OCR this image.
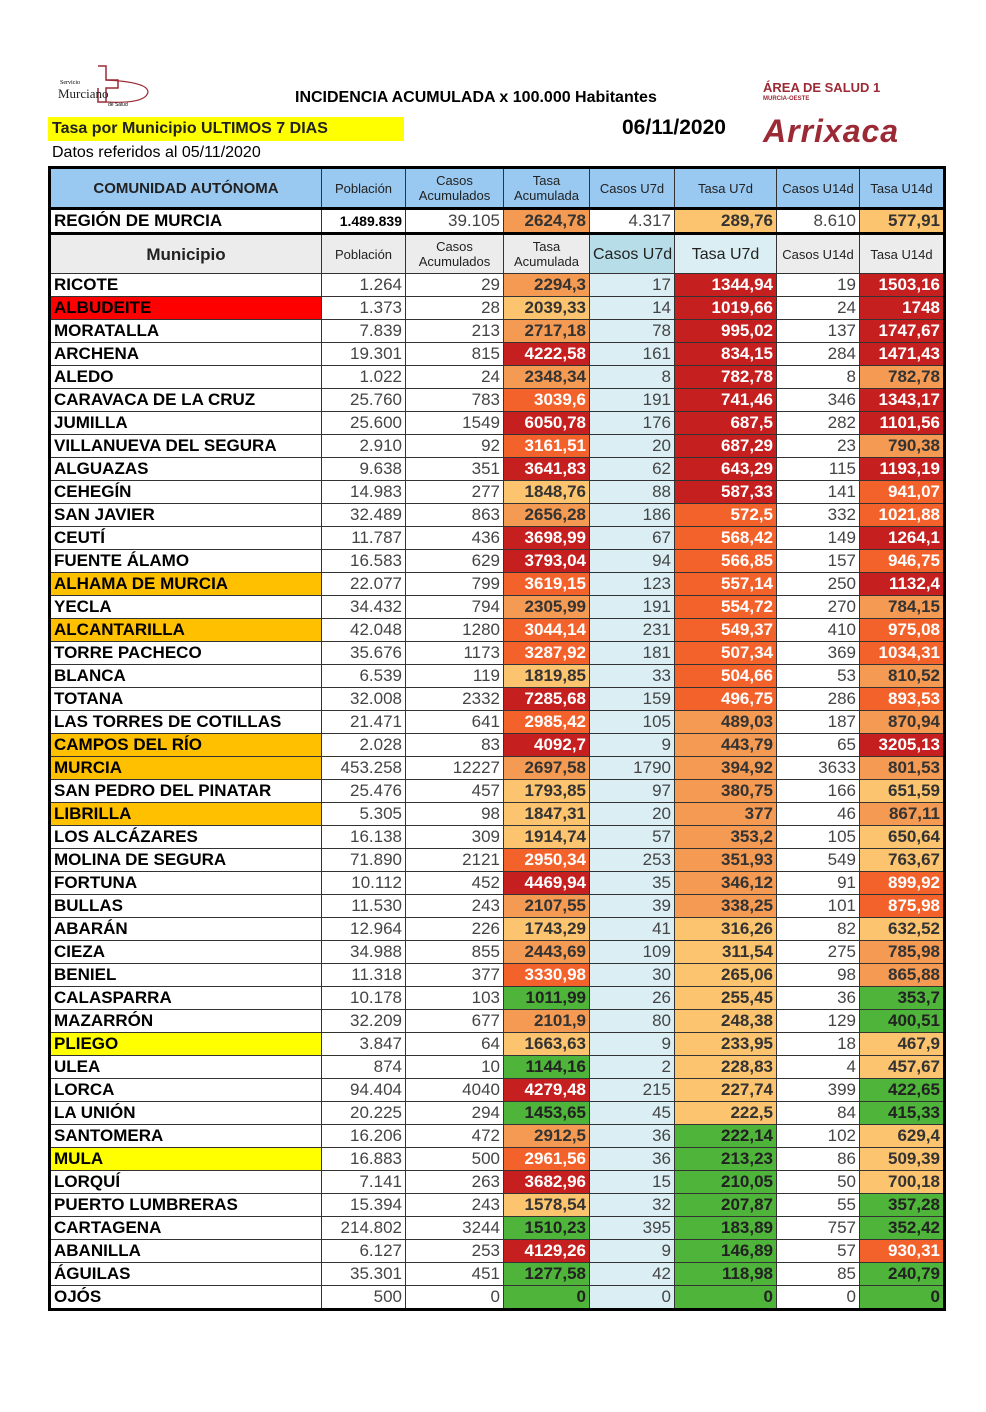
Servicio
Murciano
de Salud	INCIDENCIA ACUMULADA x 100.000 Habitantes
ÁREA DE SALUD 1
MURCIA-OESTE
Tasa por Municipio ULTIMOS 7 DIAS	06/11/2020 Arrixaca
Datos referidos al 05/11/2020
COMUNIDAD AUTÓNOMA	Población	Casos Acumulados	Tasa Acumulada	Casos U7d	Tasa U7d	Casos U14d	Tasa U14d
REGIÓN DE MURCIA	1.489.839	39.105	2624,78	4.317	289,76	8.610	577,91
Municipio	Población	Casos Acumulados	Tasa Acumulada	Casos U7d	Tasa U7d	Casos U14d	Tasa U14d
RICOTE	1.264	29	2294,3	17	1344,94	19	1503,16
ALBUDEITE	1.373	28	2039,33	14	1019,66	24	1748
MORATALLA	7.839	213	2717,18	78	995,02	137	1747,67
ARCHENA	19.301	815	4222,58	161	834,15	284	1471,43
ALEDO	1.022	24	2348,34	8	782,78	8	782,78
CARAVACA DE LA CRUZ	25.760	783	3039,6	191	741,46	346	1343,17
JUMILLA	25.600	1549	6050,78	176	687,5	282	1101,56
VILLANUEVA DEL SEGURA	2.910	92	3161,51	20	687,29	23	790,38
ALGUAZAS	9.638	351	3641,83	62	643,29	115	1193,19
CEHEGÍN	14.983	277	1848,76	88	587,33	141	941,07
SAN JAVIER	32.489	863	2656,28	186	572,5	332	1021,88
CEUTÍ	11.787	436	3698,99	67	568,42	149	1264,1
FUENTE ÁLAMO	16.583	629	3793,04	94	566,85	157	946,75
ALHAMA DE MURCIA	22.077	799	3619,15	123	557,14	250	1132,4
YECLA	34.432	794	2305,99	191	554,72	270	784,15
ALCANTARILLA	42.048	1280	3044,14	231	549,37	410	975,08
TORRE PACHECO	35.676	1173	3287,92	181	507,34	369	1034,31
BLANCA	6.539	119	1819,85	33	504,66	53	810,52
TOTANA	32.008	2332	7285,68	159	496,75	286	893,53
LAS TORRES DE COTILLAS	21.471	641	2985,42	105	489,03	187	870,94
CAMPOS DEL RÍO	2.028	83	4092,7	9	443,79	65	3205,13
MURCIA	453.258	12227	2697,58	1790	394,92	3633	801,53
SAN PEDRO DEL PINATAR	25.476	457	1793,85	97	380,75	166	651,59
LIBRILLA	5.305	98	1847,31	20	377	46	867,11
LOS ALCÁZARES	16.138	309	1914,74	57	353,2	105	650,64
MOLINA DE SEGURA	71.890	2121	2950,34	253	351,93	549	763,67
FORTUNA	10.112	452	4469,94	35	346,12	91	899,92
BULLAS	11.530	243	2107,55	39	338,25	101	875,98
ABARÁN	12.964	226	1743,29	41	316,26	82	632,52
CIEZA	34.988	855	2443,69	109	311,54	275	785,98
BENIEL	11.318	377	3330,98	30	265,06	98	865,88
CALASPARRA	10.178	103	1011,99	26	255,45	36	353,7
MAZARRÓN	32.209	677	2101,9	80	248,38	129	400,51
PLIEGO	3.847	64	1663,63	9	233,95	18	467,9
ULEA	874	10	1144,16	2	228,83	4	457,67
LORCA	94.404	4040	4279,48	215	227,74	399	422,65
LA UNIÓN	20.225	294	1453,65	45	222,5	84	415,33
SANTOMERA	16.206	472	2912,5	36	222,14	102	629,4
MULA	16.883	500	2961,56	36	213,23	86	509,39
LORQUÍ	7.141	263	3682,96	15	210,05	50	700,18
PUERTO LUMBRERAS	15.394	243	1578,54	32	207,87	55	357,28
CARTAGENA	214.802	3244	1510,23	395	183,89	757	352,42
ABANILLA	6.127	253	4129,26	9	146,89	57	930,31
ÁGUILAS	35.301	451	1277,58	42	118,98	85	240,79
OJÓS	500	0	0	0	0	0	0
